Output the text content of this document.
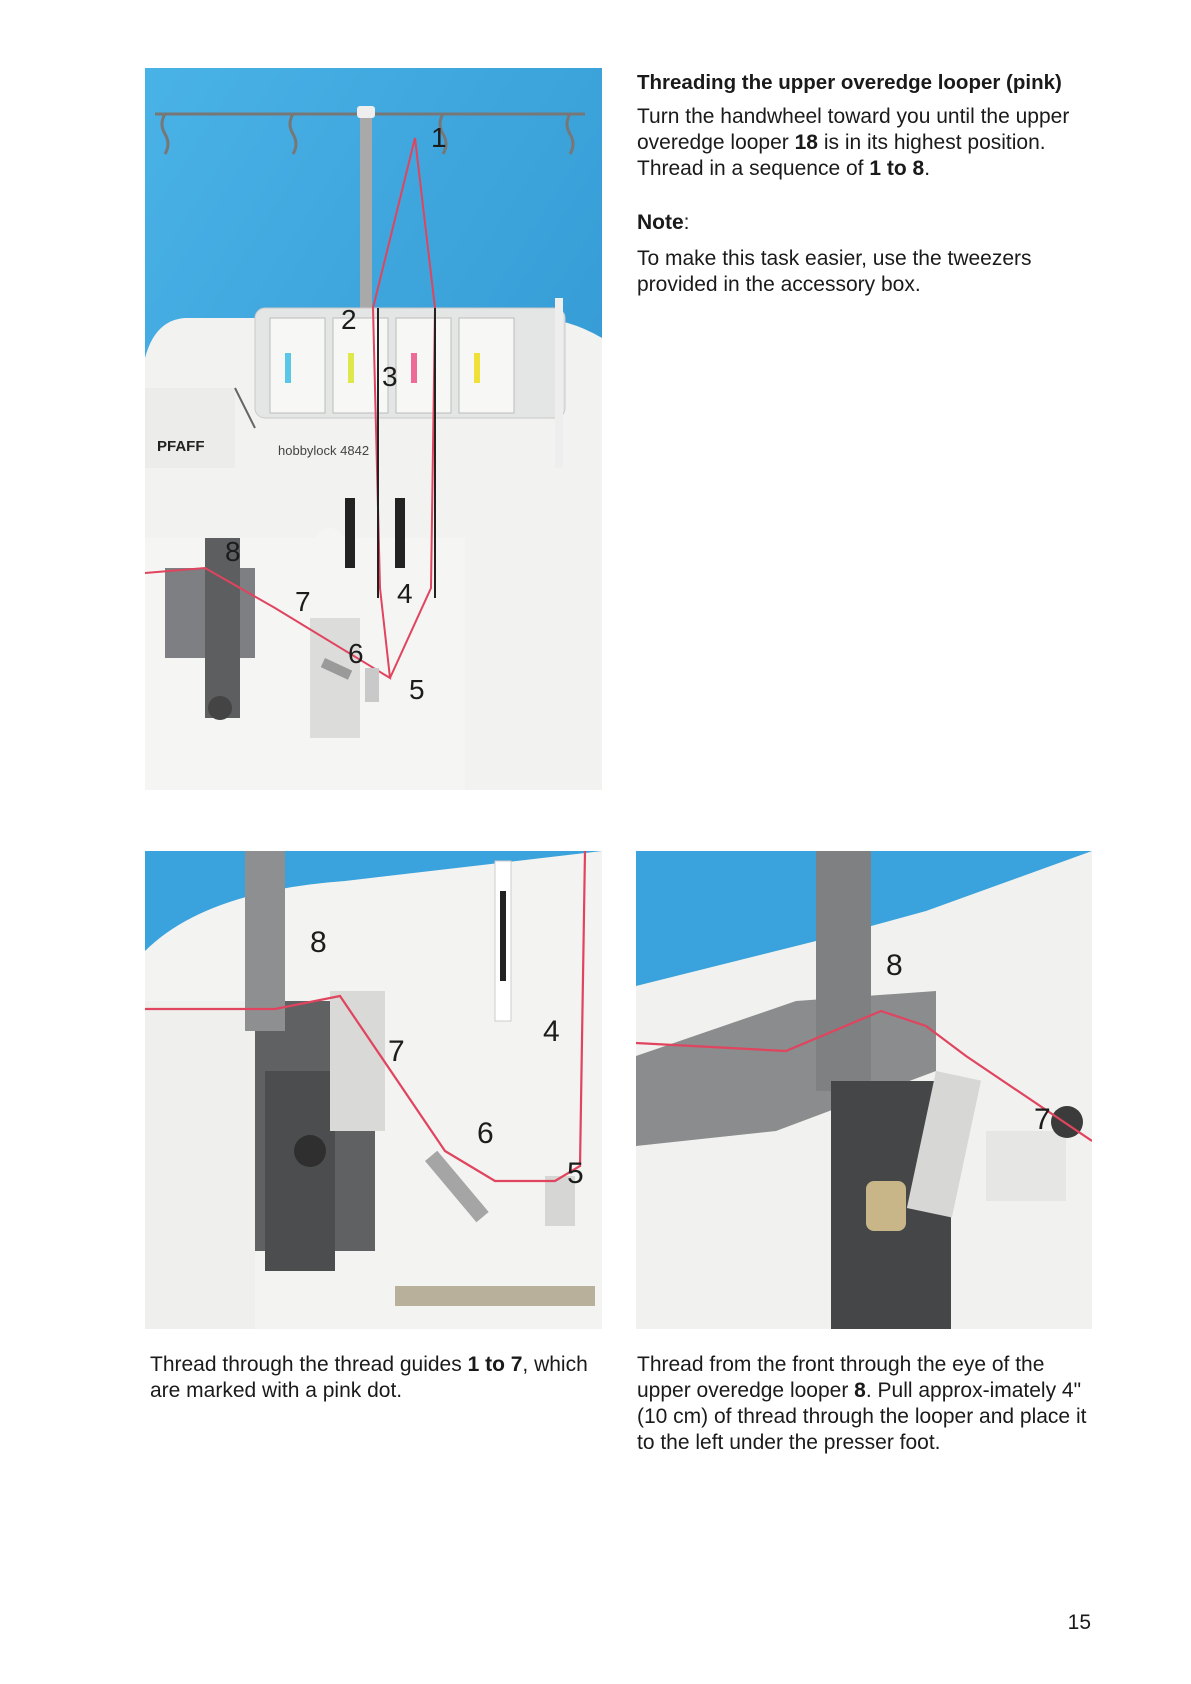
PFAFF	hobbylock 4842
1
2
3
4
5
6
7
8
Threading the upper overedge looper (pink)

Turn the handwheel toward you until the upper overedge looper 18 is in its highest position. Thread in a sequence of 1 to 8.

Note:

To make this task easier, use the tweezers provided in the accessory box.

8
7
4
6
5
8
7
Thread through the thread guides 1 to 7, which are marked with a pink dot.
Thread from the front through the eye of the upper overedge looper 8. Pull approx-imately 4" (10 cm) of thread through the looper and place it to the left under the presser foot.
15
